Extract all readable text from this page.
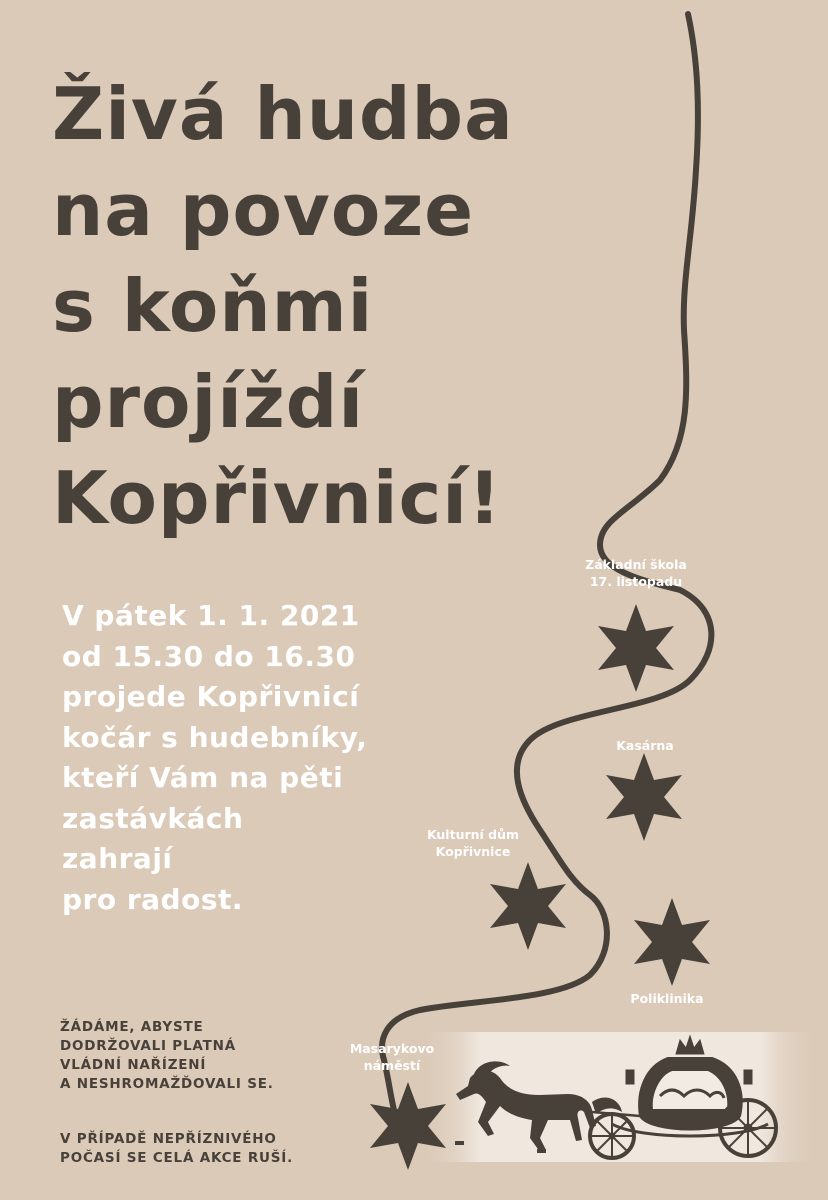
Živá hudba
na povoze
s koňmi
projíždí
Kopřivnicí!
V pátek 1. 1. 2021
od 15.30 do 16.30
projede Kopřivnicí
kočár s hudebníky,
kteří Vám na pěti
zastávkách
zahrají
pro radost.
ŽÁDÁME, ABYSTE
DODRŽOVALI PLATNÁ
VLÁDNÍ NAŘÍZENÍ
A NESHROMAŽĎOVALI SE.
V PŘÍPADĚ NEPŘÍZNIVÉHO
POČASÍ SE CELÁ AKCE RUŠÍ.
Základní škola
17. listopadu
Kasárna
Kulturní dům
Kopřivnice
Poliklinika
Masarykovo
náměstí
